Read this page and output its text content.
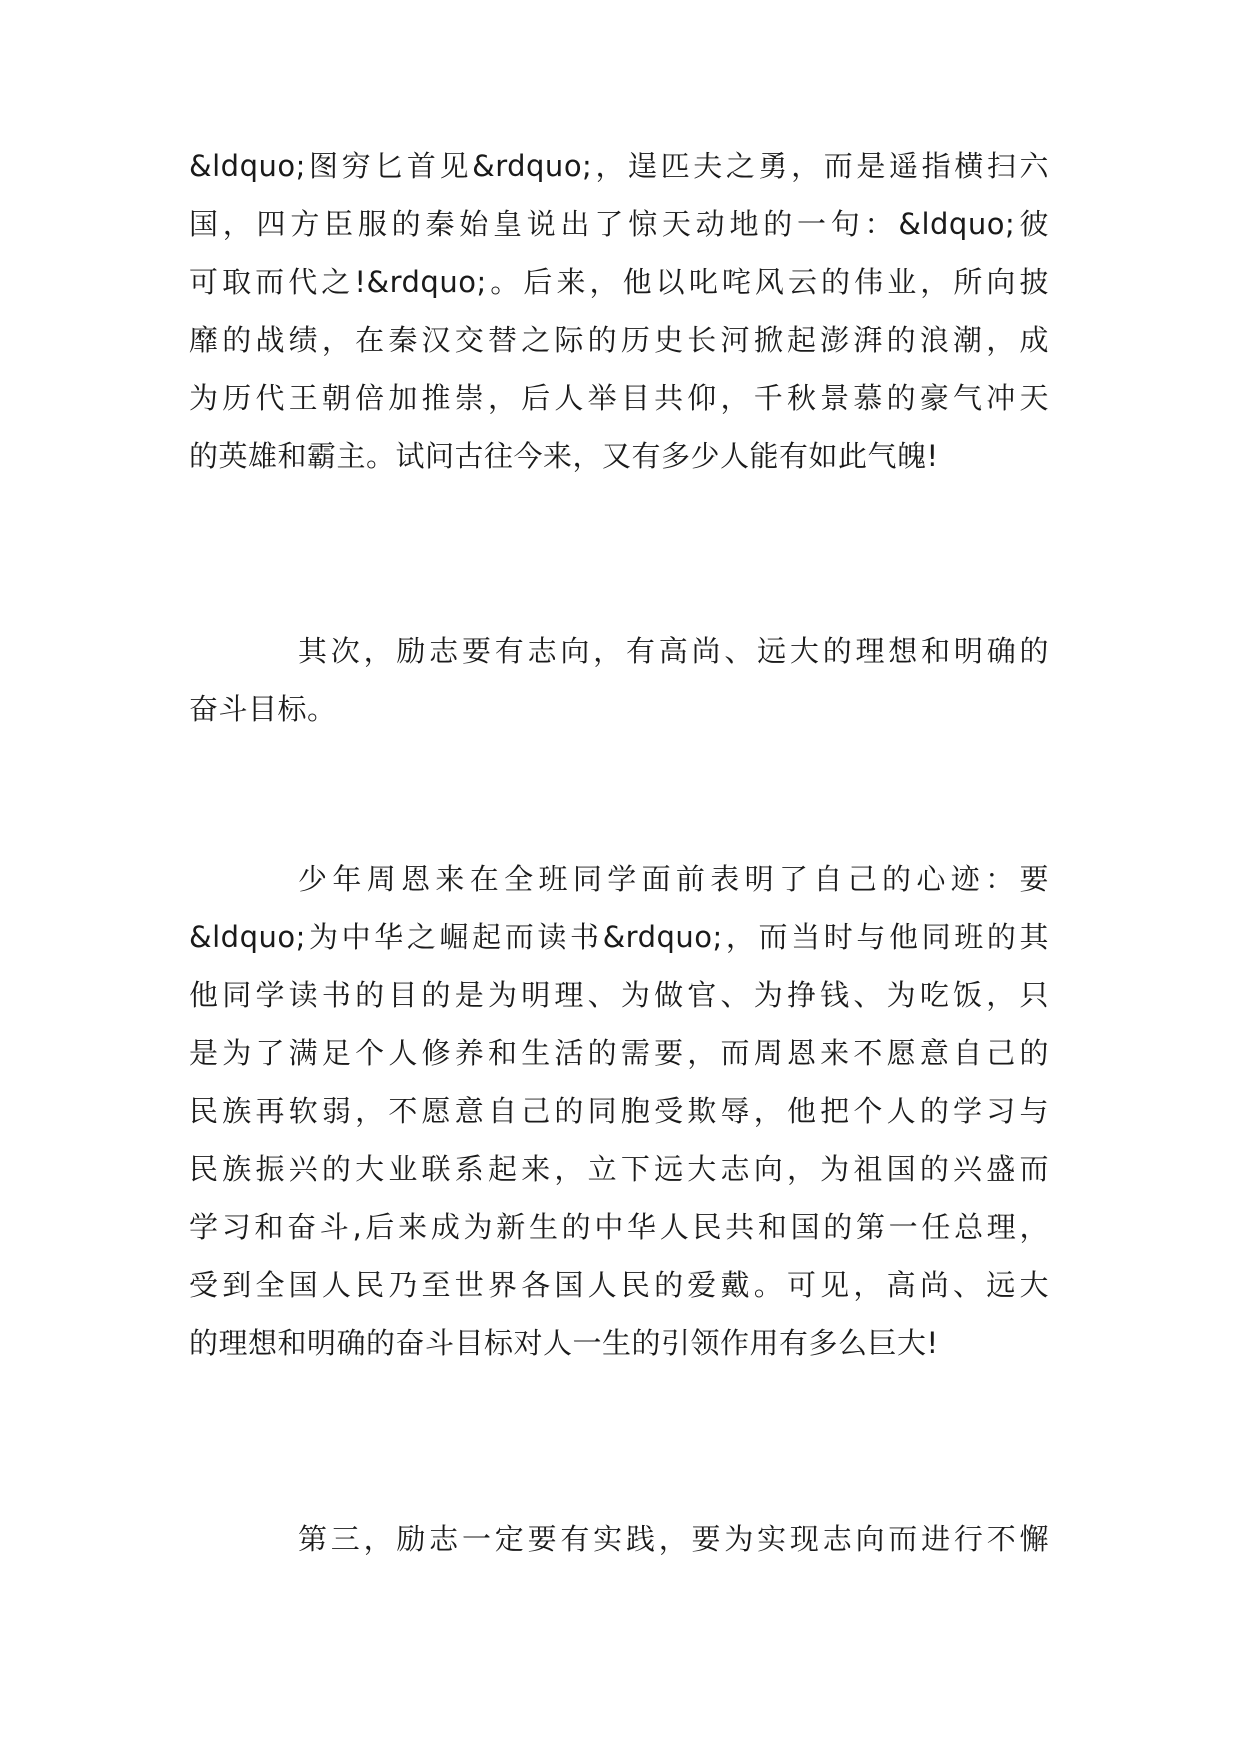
&ldquo;图穷匕首见&rdquo;，逞匹夫之勇，而是遥指横扫六
国，四方臣服的秦始皇说出了惊天动地的一句：&ldquo;彼
可取而代之!&rdquo;。后来，他以叱咤风云的伟业，所向披
靡的战绩，在秦汉交替之际的历史长河掀起澎湃的浪潮，成
为历代王朝倍加推崇，后人举目共仰，千秋景慕的豪气冲天
的英雄和霸主。试问古往今来，又有多少人能有如此气魄!
其次，励志要有志向，有高尚、远大的理想和明确的
奋斗目标。
少年周恩来在全班同学面前表明了自己的心迹：要
&ldquo;为中华之崛起而读书&rdquo;，而当时与他同班的其
他同学读书的目的是为明理、为做官、为挣钱、为吃饭，只
是为了满足个人修养和生活的需要，而周恩来不愿意自己的
民族再软弱，不愿意自己的同胞受欺辱，他把个人的学习与
民族振兴的大业联系起来，立下远大志向，为祖国的兴盛而
学习和奋斗,后来成为新生的中华人民共和国的第一任总理，
受到全国人民乃至世界各国人民的爱戴。可见，高尚、远大
的理想和明确的奋斗目标对人一生的引领作用有多么巨大!
第三，励志一定要有实践，要为实现志向而进行不懈
